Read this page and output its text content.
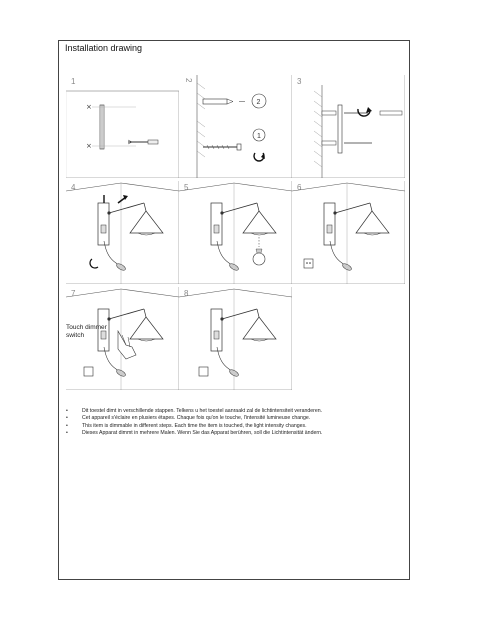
Installation drawing
1
×
×
2
2
1
3
4	5	6
7
Touch dimmer
switch
8
•	Dit toestel dimt in verschillende stappen. Telkens u het toestel aanraakt zal de lichtintensiteit veranderen.
•	Cet appareil s'éclaire en plusiers étapes. Chaque fois qu'on le touche, l'intensité lumineuse change.
•	This item is dimmable in different steps. Each time the item is touched, the light intensity changes.
•	Dieses Apparat dimmt in mehrere Malen. Wenn Sie das Apparat berühren, soll die Lichtintensität ändern.
